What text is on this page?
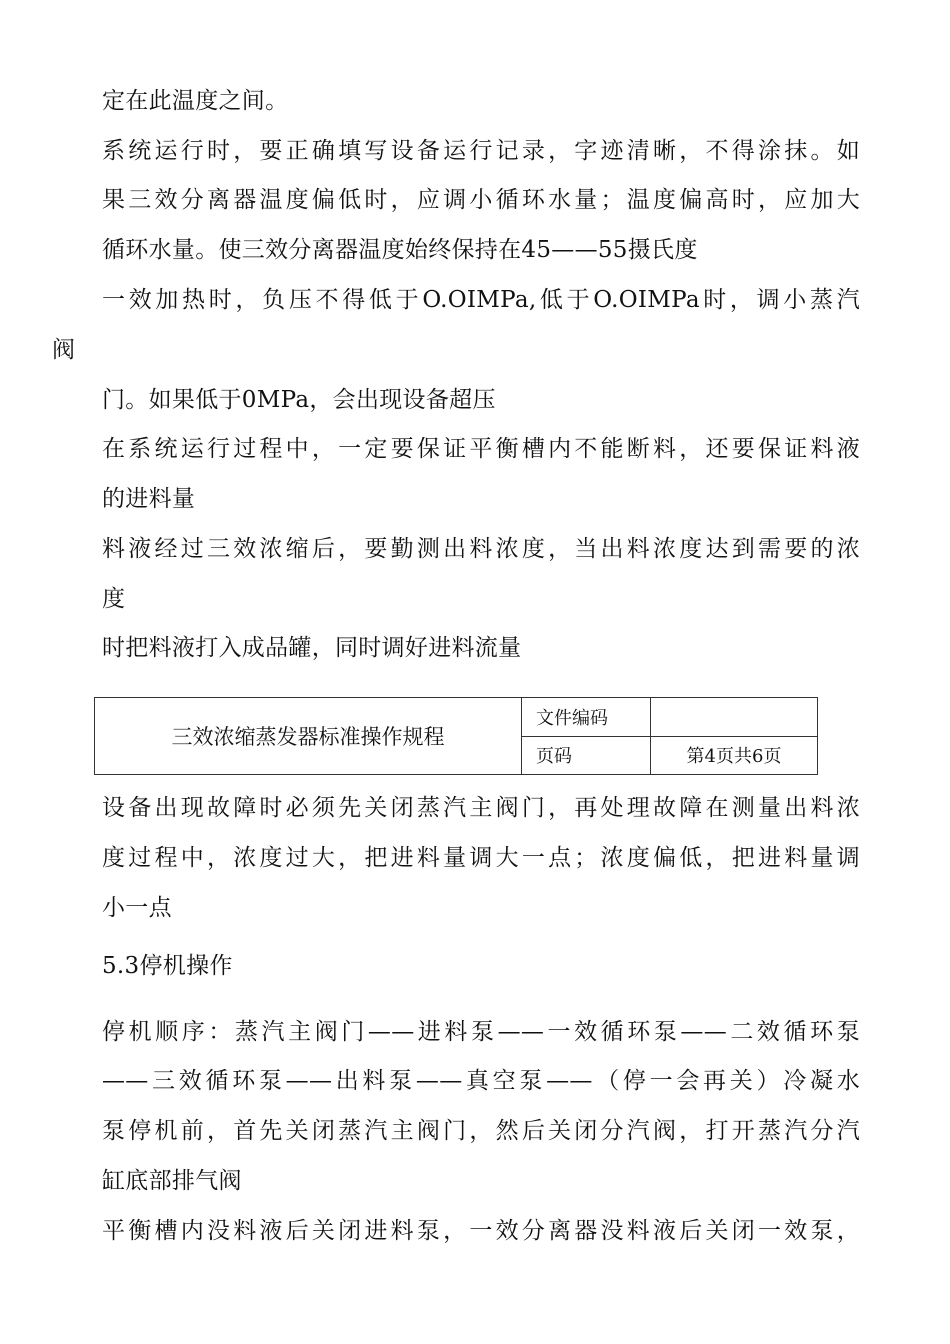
定在此温度之间。
系统运行时，要正确填写设备运行记录，字迹清晰，不得涂抹。如
果三效分离器温度偏低时，应调小循环水量；温度偏高时，应加大
循环水量。使三效分离器温度始终保持在45——55摄氏度
一效加热时，负压不得低于O.OIMPa,低于O.OIMPa时，调小蒸汽
阀
门。如果低于0MPa，会出现设备超压
在系统运行过程中，一定要保证平衡槽内不能断料，还要保证料液
的进料量
料液经过三效浓缩后，要勤测出料浓度，当出料浓度达到需要的浓
度
时把料液打入成品罐，同时调好进料流量
三效浓缩蒸发器标准操作规程	文件编码	
	页码	第4页共6页
设备出现故障时必须先关闭蒸汽主阀门，再处理故障在测量出料浓
度过程中，浓度过大，把进料量调大一点；浓度偏低，把进料量调
小一点
5.3停机操作
停机顺序：蒸汽主阀门——进料泵——一效循环泵——二效循环泵
——三效循环泵——出料泵——真空泵——（停一会再关）冷凝水
泵停机前，首先关闭蒸汽主阀门，然后关闭分汽阀，打开蒸汽分汽
缸底部排气阀
平衡槽内没料液后关闭进料泵，一效分离器没料液后关闭一效泵，
